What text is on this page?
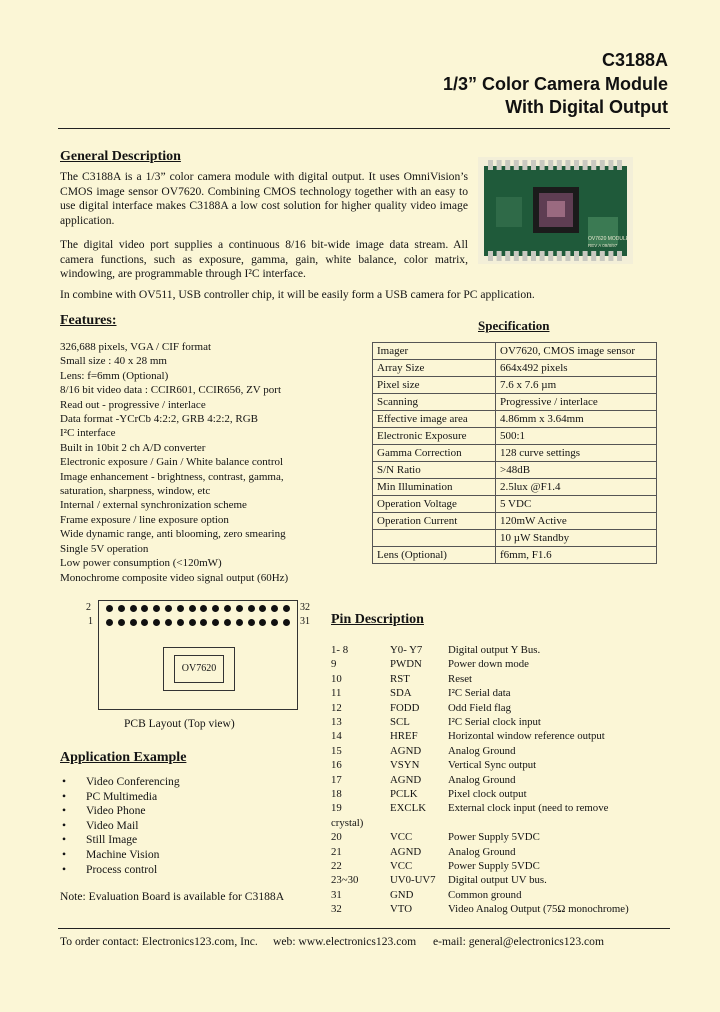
C3188A
1/3” Color Camera Module
With Digital Output
General Description
The C3188A is a 1/3” color camera module with digital output. It uses OmniVision’s CMOS image sensor OV7620. Combining CMOS technology together with an easy to use digital interface makes C3188A a low cost solution for higher quality video image application.
The digital video port supplies a continuous 8/16 bit-wide image data stream. All camera functions, such as exposure, gamma, gain, white balance, color matrix, windowing, are programmable through I²C interface.
In combine with OV511, USB controller chip, it will be easily form a USB camera for PC application.
OV7620 MODULE
REV A 09/8/97
Features:
326,688 pixels, VGA / CIF format
Small size : 40 x 28 mm
Lens: f=6mm (Optional)
8/16 bit video data : CCIR601, CCIR656, ZV port
Read out - progressive / interlace
Data format -YCrCb 4:2:2, GRB 4:2:2, RGB
I²C interface
Built in 10bit 2 ch A/D converter
Electronic exposure / Gain / White balance control
Image enhancement - brightness, contrast, gamma,
saturation, sharpness, window, etc
Internal / external synchronization scheme
Frame exposure / line exposure option
Wide dynamic range, anti blooming, zero smearing
Single 5V operation
Low power consumption (<120mW)
Monochrome composite video signal output (60Hz)
Specification
Imager	OV7620, CMOS image sensor
Array Size	664x492 pixels
Pixel size	7.6 x 7.6 µm
Scanning	Progressive / interlace
Effective image area	4.86mm x 3.64mm
Electronic Exposure	500:1
Gamma Correction	128 curve settings
S/N Ratio	>48dB
Min Illumination	2.5lux @F1.4
Operation Voltage	5 VDC
Operation Current	120mW Active
	10 µW Standby
Lens (Optional)	f6mm, F1.6
2
1
32
31
OV7620
PCB Layout (Top view)
Pin Description
1- 8	Y0- Y7 Digital output Y Bus.
9	PWDN Power down mode
10	RST	Reset
11	SDA	I²C Serial data
12	FODD	Odd Field flag
13	SCL	I²C Serial clock input
14	HREF	Horizontal window reference output
15	AGND Analog Ground
16	VSYN	Vertical Sync output
17	AGND Analog Ground
18	PCLK	Pixel clock output
19	EXCLK External clock input (need to remove
crystal)
20	VCC	Power Supply 5VDC
21	AGND Analog Ground
22	VCC	Power Supply 5VDC
23~30	UV0-UV7 Digital output UV bus.
31	GND	Common ground
32	VTO	Video Analog Output (75Ω monochrome)
Application Example
• Video Conferencing
• PC Multimedia
• Video Phone
• Video Mail
• Still Image
• Machine Vision
• Process control
Note: Evaluation Board is available for C3188A
To order contact: Electronics123.com, Inc. web: www.electronics123.com e-mail: general@electronics123.com
